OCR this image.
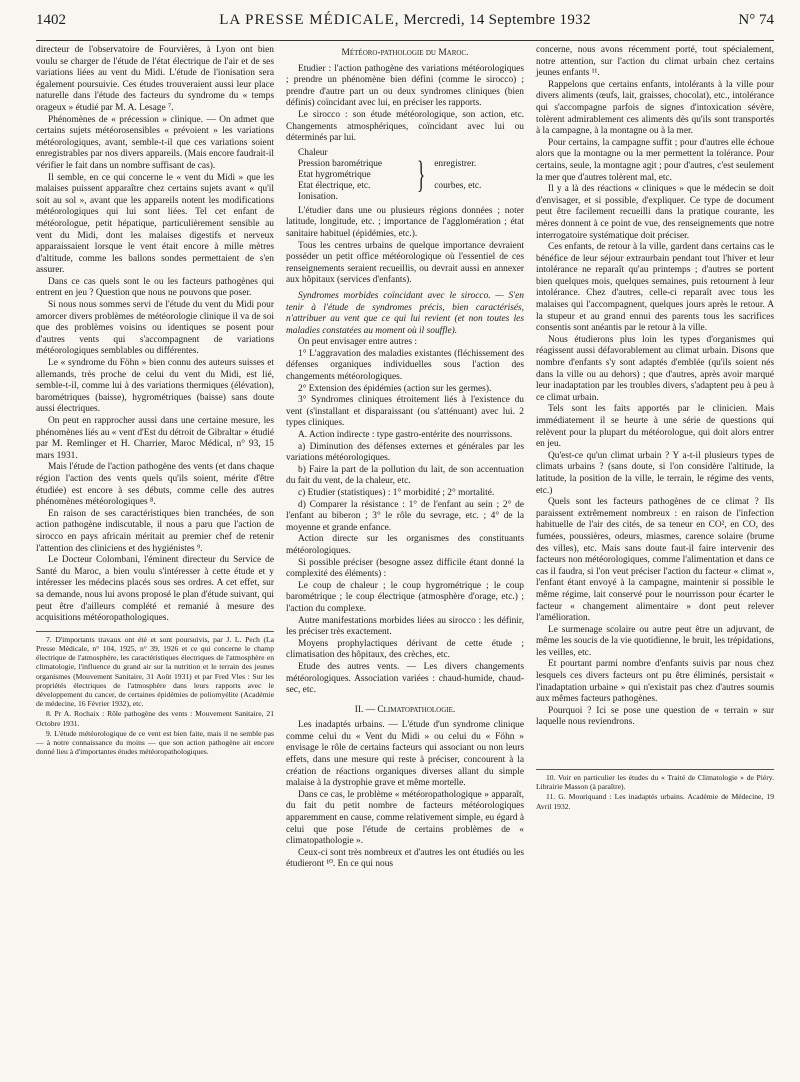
1402	LA PRESSE MÉDICALE, Mercredi, 14 Septembre 1932	N° 74

directeur de l'observatoire de Fourvières, à Lyon ont bien voulu se charger de l'étude de l'état électrique de l'air et de ses variations liées au vent du Midi. L'étude de l'ionisation sera également poursuivie. Ces études trouveraient aussi leur place naturelle dans l'étude des facteurs du syndrome du « temps orageux » étudié par M. A. Lesage ⁷.

Phénomènes de « précession » clinique. — On admet que certains sujets météorosensibles « prévoient » les variations météorologiques, avant, semble-t-il que ces variations soient enregistrables par nos divers appareils. (Mais encore faudrait-il vérifier le fait dans un nombre suffisant de cas).

Il semble, en ce qui concerne le « vent du Midi » que les malaises puissent apparaître chez certains sujets avant « qu'il soit au sol », avant que les appareils notent les modifications météorologiques qui lui sont liées. Tel cet enfant de météorologue, petit hépatique, particulièrement sensible au vent du Midi, dont les malaises digestifs et nerveux apparaissaient lorsque le vent était encore à mille mètres d'altitude, comme les ballons sondes permettaient de s'en assurer.

Dans ce cas quels sont le ou les facteurs pathogènes qui entrent en jeu ? Question que nous ne pouvons que poser.

Si nous nous sommes servi de l'étude du vent du Midi pour amorcer divers problèmes de météorologie clinique il va de soi que des problèmes voisins ou identiques se posent pour d'autres vents qui s'accompagnent de variations météorologiques semblables ou différentes.

Le « syndrome du Föhn » bien connu des auteurs suisses et allemands, très proche de celui du vent du Midi, est lié, semble-t-il, comme lui à des variations thermiques (élévation), barométriques (baisse), hygrométriques (baisse) sans doute aussi électriques.

On peut en rapprocher aussi dans une certaine mesure, les phénomènes liés au « vent d'Est du détroit de Gibraltar » étudié par M. Remlinger et H. Charrier, Maroc Médical, n° 93, 15 mars 1931.

Mais l'étude de l'action pathogène des vents (et dans chaque région l'action des vents quels qu'ils soient, mérite d'être étudiée) est encore à ses débuts, comme celle des autres phénomènes météorologiques ⁸.

En raison de ses caractéristiques bien tranchées, de son action pathogène indiscutable, il nous a paru que l'action de sirocco en pays africain méritait au premier chef de retenir l'attention des cliniciens et des hygiénistes ⁹.

Le Docteur Colombani, l'éminent directeur du Service de Santé du Maroc, a bien voulu s'intéresser à cette étude et y intéresser les médecins placés sous ses ordres. A cet effet, sur sa demande, nous lui avons proposé le plan d'étude suivant, qui peut être d'ailleurs complété et remanié à mesure des acquisitions météoropathologiques.

7. D'importants travaux ont été et sont poursuivis, par J. L. Pech (La Presse Médicale, n° 104, 1925, n° 39, 1926 et ce qui concerne le champ électrique de l'atmosphère, les caractéristiques électriques de l'atmosphère en climatologie, l'influence du grand air sur la nutrition et le terrain des jeunes organismes (Mouvement Sanitaire, 31 Août 1931) et par Fred Vles : Sur les propriétés électriques de l'atmosphère dans leurs rapports avec le développement du cancer, de certaines épidémies de poliomyélite (Académie de médecine, 16 Février 1932), etc.

8. Pr A. Rochaix : Rôle pathogène des vents : Mouvement Sanitaire, 21 Octobre 1931.

9. L'étude météorologique de ce vent est bien faite, mais il ne semble pas — à notre connaissance du moins — que son action pathogène ait encore donné lieu à d'importantes études météoropathologiques.

Météoro-pathologie du Maroc.

Etudier : l'action pathogène des variations météorologiques ; prendre un phénomène bien défini (comme le sirocco) ; prendre d'autre part un ou deux syndromes cliniques (bien définis) coïncidant avec lui, en préciser les rapports.

Le sirocco : son étude météorologique, son action, etc. Changements atmosphériques, coïncidant avec lui ou déterminés par lui.

Chaleur
Pression barométrique
Etat hygrométrique
Etat électrique, etc.
Ionisation.
} enregistrer.
courbes, etc.

L'étudier dans une ou plusieurs régions données ; noter latitude, longitude, etc. ; importance de l'agglomération ; état sanitaire habituel (épidémies, etc.).

Tous les centres urbains de quelque importance devraient posséder un petit office météorologique où l'essentiel de ces renseignements seraient recueillis, ou devrait aussi en annexer aux hôpitaux (services d'enfants).

Syndromes morbides coïncidant avec le sirocco. — S'en tenir à l'étude de syndromes précis, bien caractérisés, n'attribuer au vent que ce qui lui revient (et non toutes les maladies constatées au moment où il souffle).

On peut envisager entre autres :

1° L'aggravation des maladies existantes (fléchissement des défenses organiques individuelles sous l'action des changements météorologiques.

2° Extension des épidémies (action sur les germes).

3° Syndromes cliniques étroitement liés à l'existence du vent (s'installant et disparaissant (ou s'atténuant) avec lui. 2 types cliniques.

A. Action indirecte : type gastro-entérite des nourrissons.

a) Diminution des défenses externes et générales par les variations météorologiques.

b) Faire la part de la pollution du lait, de son accentuation du fait du vent, de la chaleur, etc.

c) Etudier (statistiques) : 1° morbidité ; 2° mortalité.

d) Comparer la résistance : 1° de l'enfant au sein ; 2° de l'enfant au biberon ; 3° le rôle du sevrage, etc. ; 4° de la moyenne et grande enfance.

Action directe sur les organismes des constituants météorologiques.

Si possible préciser (besogne assez difficile étant donné la complexité des éléments) :

Le coup de chaleur ; le coup hygrométrique ; le coup barométrique ; le coup électrique (atmosphère d'orage, etc.) ; l'action du complexe.

Autre manifestations morbides liées au sirocco : les définir, les préciser très exactement.

Moyens prophylactiques dérivant de cette étude ; climatisation des hôpitaux, des crèches, etc.

Etude des autres vents. — Les divers changements météorologiques. Association variées : chaud-humide, chaud-sec, etc.

II. — Climatopathologie.

Les inadaptés urbains. — L'étude d'un syndrome clinique comme celui du « Vent du Midi » ou celui du « Föhn » envisage le rôle de certains facteurs qui associant ou non leurs effets, dans une mesure qui reste à préciser, concourent à la création de réactions organiques diverses allant du simple malaise à la dystrophie grave et même mortelle.

Dans ce cas, le problème « météoropathologique » apparaît, du fait du petit nombre de facteurs météorologiques apparemment en cause, comme relativement simple, eu égard à celui que pose l'étude de certains problèmes de « climatopathologie ».

Ceux-ci sont très nombreux et d'autres les ont étudiés ou les étudieront ¹⁰. En ce qui nous

concerne, nous avons récemment porté, tout spécialement, notre attention, sur l'action du climat urbain chez certains jeunes enfants ¹¹.

Rappelons que certains enfants, intolérants à la ville pour divers aliments (œufs, lait, graisses, chocolat), etc., intolérance qui s'accompagne parfois de signes d'intoxication sévère, tolèrent admirablement ces aliments dès qu'ils sont transportés à la campagne, à la montagne ou à la mer.

Pour certains, la campagne suffit ; pour d'autres elle échoue alors que la montagne ou la mer permettent la tolérance. Pour certains, seule, la montagne agit ; pour d'autres, c'est seulement la mer que d'autres tolèrent mal, etc.

Il y a là des réactions « cliniques » que le médecin se doit d'envisager, et si possible, d'expliquer. Ce type de document peut être facilement recueilli dans la pratique courante, les mères donnent à ce point de vue, des renseignements que notre interrogatoire systématique doit préciser.

Ces enfants, de retour à la ville, gardent dans certains cas le bénéfice de leur séjour extraurbain pendant tout l'hiver et leur intolérance ne reparaît qu'au printemps ; d'autres se portent bien quelques mois, quelques semaines, puis retournent à leur intolérance. Chez d'autres, celle-ci reparaît avec tous les malaises qui l'accompagnent, quelques jours après le retour. A la stupeur et au grand ennui des parents tous les sacrifices consentis sont anéantis par le retour à la ville.

Nous étudierons plus loin les types d'organismes qui réagissent aussi défavorablement au climat urbain. Disons que nombre d'enfants s'y sont adaptés d'emblée (qu'ils soient nés dans la ville ou au dehors) ; que d'autres, après avoir marqué leur inadaptation par les troubles divers, s'adaptent peu à peu à ce climat urbain.

Tels sont les faits apportés par le clinicien. Mais immédiatement il se heurte à une série de questions qui relèvent pour la plupart du météorologue, qui doit alors entrer en jeu.

Qu'est-ce qu'un climat urbain ? Y a-t-il plusieurs types de climats urbains ? (sans doute, si l'on considère l'altitude, la latitude, la position de la ville, le terrain, le régime des vents, etc.)

Quels sont les facteurs pathogènes de ce climat ? Ils paraissent extrêmement nombreux : en raison de l'infection habituelle de l'air des cités, de sa teneur en CO², en CO, des fumées, poussières, odeurs, miasmes, carence solaire (brume des villes), etc. Mais sans doute faut-il faire intervenir des facteurs non météorologiques, comme l'alimentation et dans ce cas il faudra, si l'on veut préciser l'action du facteur « climat », l'enfant étant envoyé à la campagne, maintenir si possible le même régime, lait conservé pour le nourrisson pour écarter le facteur « changement alimentaire » dont peut relever l'amélioration.

Le surmenage scolaire ou autre peut être un adjuvant, de même les soucis de la vie quotidienne, le bruit, les trépidations, les veilles, etc.

Et pourtant parmi nombre d'enfants suivis par nous chez lesquels ces divers facteurs ont pu être éliminés, persistait « l'inadaptation urbaine » qui n'existait pas chez d'autres soumis aux mêmes facteurs pathogènes.

Pourquoi ? Ici se pose une question de « terrain » sur laquelle nous reviendrons.

10. Voir en particulier les études du « Traité de Climatologie » de Piéry. Librairie Masson (à paraître).

11. G. Mouriquand : Les inadaptés urbains. Académie de Médecine, 19 Avril 1932.
